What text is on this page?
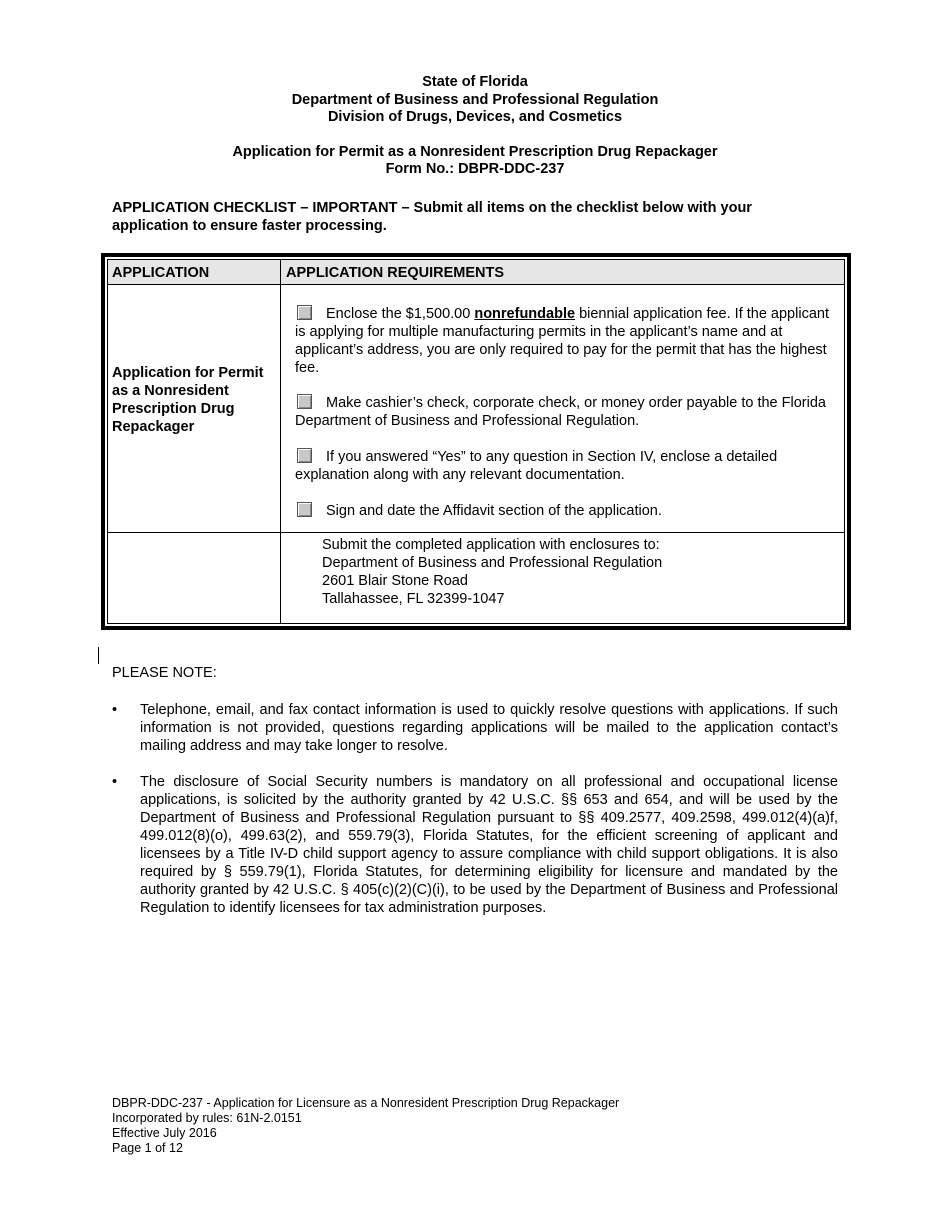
State of Florida
Department of Business and Professional Regulation
Division of Drugs, Devices, and Cosmetics
Application for Permit as a Nonresident Prescription Drug Repackager
Form No.: DBPR-DDC-237
APPLICATION CHECKLIST – IMPORTANT – Submit all items on the checklist below with your application to ensure faster processing.
APPLICATION	APPLICATION REQUIREMENTS
Application for Permit as a Nonresident Prescription Drug Repackager
Enclose the $1,500.00 nonrefundable biennial application fee. If the applicant is applying for multiple manufacturing permits in the applicant’s name and at applicant’s address, you are only required to pay for the permit that has the highest fee.
Make cashier’s check, corporate check, or money order payable to the Florida Department of Business and Professional Regulation.
If you answered “Yes” to any question in Section IV, enclose a detailed explanation along with any relevant documentation.
Sign and date the Affidavit section of the application.
Submit the completed application with enclosures to:
Department of Business and Professional Regulation
2601 Blair Stone Road
Tallahassee, FL 32399-1047
PLEASE NOTE:
• Telephone, email, and fax contact information is used to quickly resolve questions with applications. If such information is not provided, questions regarding applications will be mailed to the application contact’s mailing address and may take longer to resolve.
• The disclosure of Social Security numbers is mandatory on all professional and occupational license applications, is solicited by the authority granted by 42 U.S.C. §§ 653 and 654, and will be used by the Department of Business and Professional Regulation pursuant to §§ 409.2577, 409.2598, 499.012(4)(a)f, 499.012(8)(o), 499.63(2), and 559.79(3), Florida Statutes, for the efficient screening of applicant and licensees by a Title IV-D child support agency to assure compliance with child support obligations. It is also required by § 559.79(1), Florida Statutes, for determining eligibility for licensure and mandated by the authority granted by 42 U.S.C. § 405(c)(2)(C)(i), to be used by the Department of Business and Professional Regulation to identify licensees for tax administration purposes.
DBPR-DDC-237 - Application for Licensure as a Nonresident Prescription Drug Repackager
Incorporated by rules: 61N-2.0151
Effective July 2016
Page 1 of 12
